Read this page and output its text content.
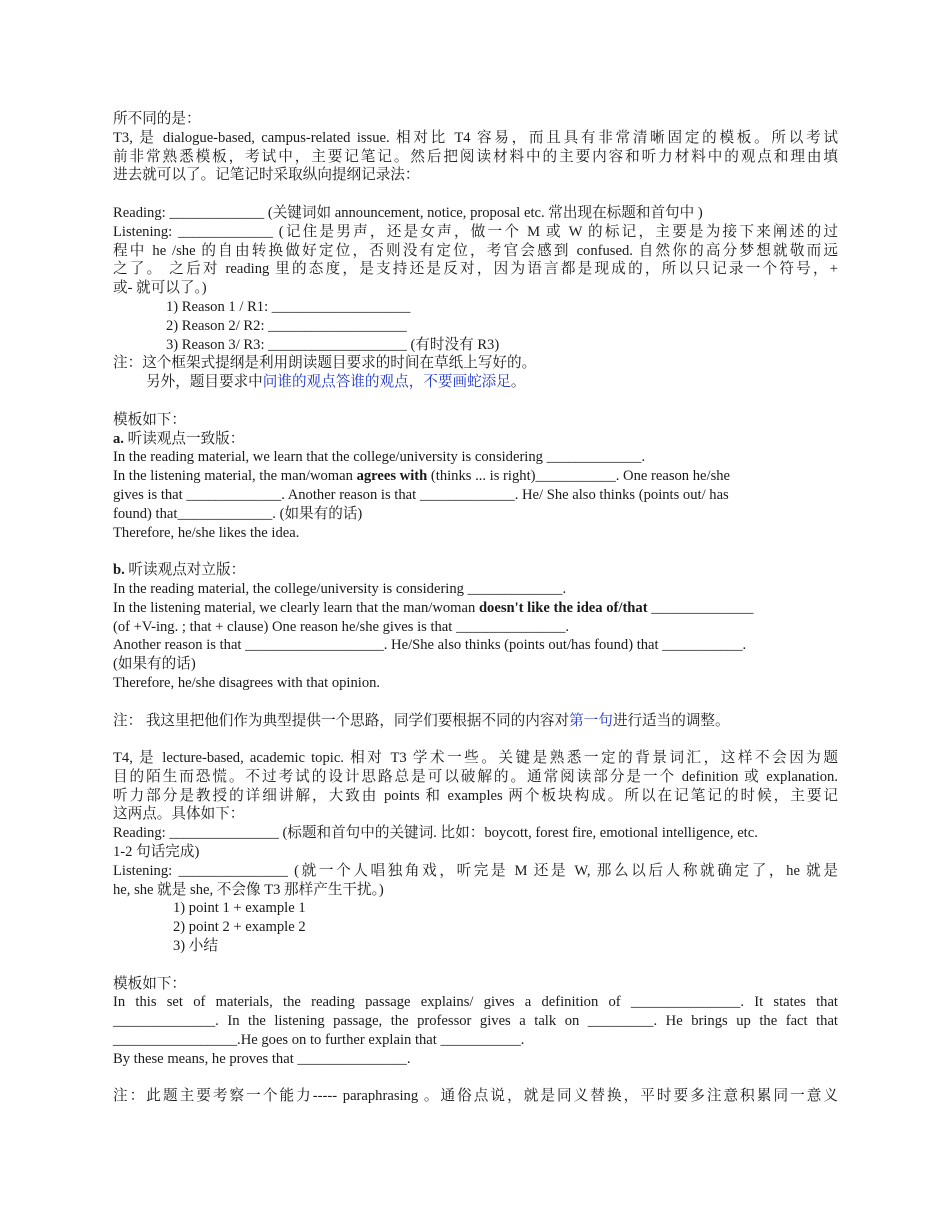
所不同的是：
T3, 是 dialogue-based, campus-related issue. 相对比 T4 容易，而且具有非常清晰固定的模板。所以考试
前非常熟悉模板，考试中，主要记笔记。然后把阅读材料中的主要内容和听力材料中的观点和理由填
进去就可以了。记笔记时采取纵向提纲记录法：
Reading: _____________ (关键词如 announcement, notice, proposal etc. 常出现在标题和首句中 )
Listening: _____________ (记住是男声，还是女声，做一个 M 或 W 的标记，主要是为接下来阐述的过
程中 he /she 的自由转换做好定位，否则没有定位，考官会感到 confused. 自然你的高分梦想就敬而远
之了。 之后对 reading 里的态度，是支持还是反对，因为语言都是现成的，所以只记录一个符号，+
或- 就可以了。)
1) Reason 1 / R1: ___________________
2) Reason 2/ R2: ___________________
3) Reason 3/ R3: ___________________ (有时没有 R3)
注：这个框架式提纲是利用朗读题目要求的时间在草纸上写好的。
另外，题目要求中问谁的观点答谁的观点，不要画蛇添足。
模板如下：
a. 听读观点一致版：
In the reading material, we learn that the college/university is considering _____________.
In the listening material, the man/woman agrees with (thinks ... is right)___________. One reason he/she
gives is that _____________. Another reason is that _____________. He/ She also thinks (points out/ has
found) that_____________. (如果有的话)
Therefore, he/she likes the idea.
b. 听读观点对立版：
In the reading material, the college/university is considering _____________.
In the listening material, we clearly learn that the man/woman doesn't like the idea of/that ______________
(of +V-ing. ; that + clause) One reason he/she gives is that _______________.
Another reason is that ___________________. He/She also thinks (points out/has found) that ___________.
(如果有的话)
Therefore, he/she disagrees with that opinion.
注： 我这里把他们作为典型提供一个思路，同学们要根据不同的内容对第一句进行适当的调整。
T4, 是 lecture-based, academic topic. 相对 T3 学术一些。关键是熟悉一定的背景词汇，这样不会因为题
目的陌生而恐慌。不过考试的设计思路总是可以破解的。通常阅读部分是一个 definition 或 explanation.
听力部分是教授的详细讲解，大致由 points 和 examples 两个板块构成。所以在记笔记的时候，主要记
这两点。具体如下：
Reading: _______________ (标题和首句中的关键词. 比如：boycott, forest fire, emotional intelligence, etc.
1-2 句话完成)
Listening: _______________ (就一个人唱独角戏，听完是 M 还是 W, 那么以后人称就确定了，he 就是
he, she 就是 she, 不会像 T3 那样产生干扰。)
1) point 1 + example 1
2) point 2 + example 2
3) 小结
模板如下：
In this set of materials, the reading passage explains/ gives a definition of _______________. It states that
______________. In the listening passage, the professor gives a talk on _________. He brings up the fact that
_________________.He goes on to further explain that ___________.
By these means, he proves that _______________.
注：此题主要考察一个能力----- paraphrasing 。通俗点说，就是同义替换，平时要多注意积累同一意义
